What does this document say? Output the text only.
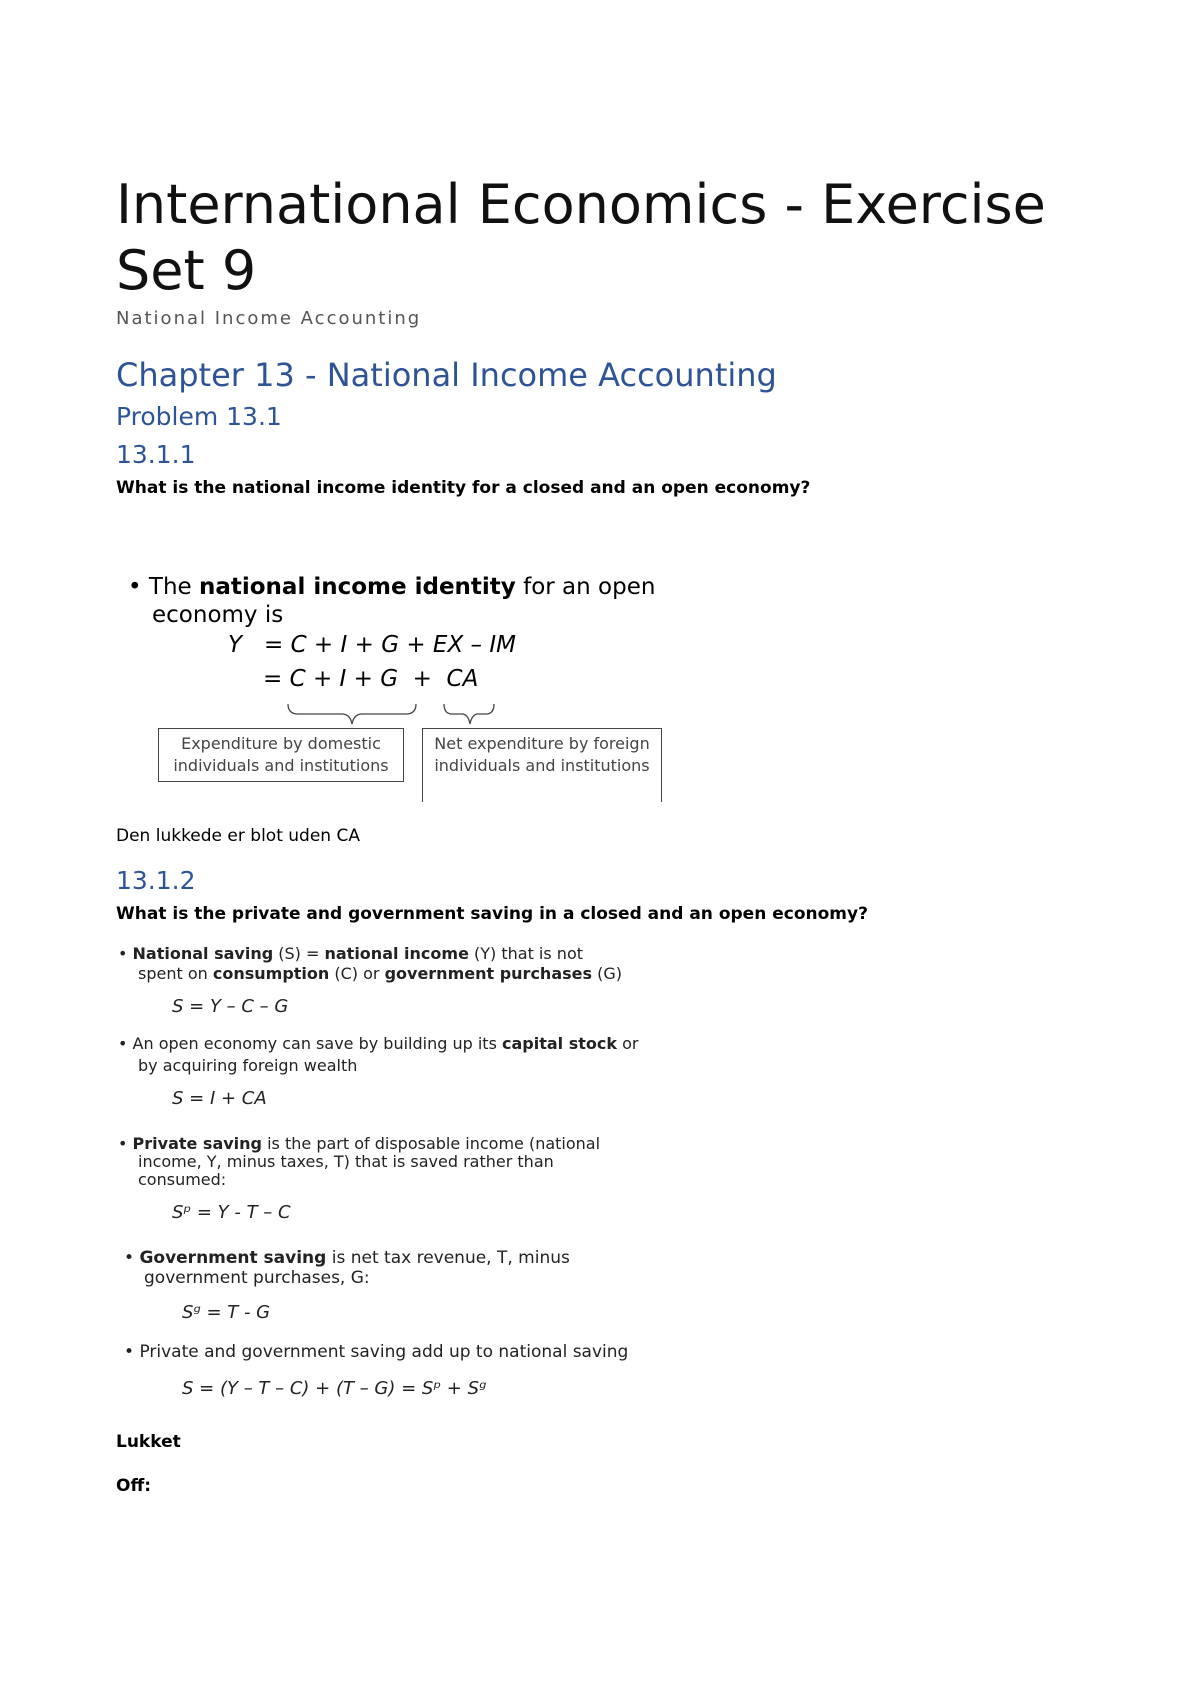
International Economics - Exercise Set 9
National Income Accounting
Chapter 13 - National Income Accounting
Problem 13.1
13.1.1
What is the national income identity for a closed and an open economy?
• The national income identity for an open
economy is
Y   = C + I + G + EX – IM
= C + I + G  +  CA
Expenditure by domestic
individuals and institutions
Net expenditure by foreign
individuals and institutions
Den lukkede er blot uden CA
13.1.2
What is the private and government saving in a closed and an open economy?
• National saving (S) = national income (Y) that is not
spent on consumption (C) or government purchases (G)
S = Y – C – G
• An open economy can save by building up its capital stock or
by acquiring foreign wealth
S = I + CA
• Private saving is the part of disposable income (national
income, Y, minus taxes, T) that is saved rather than
consumed:
Sᵖ = Y - T – C
• Government saving is net tax revenue, T, minus
government purchases, G:
Sᵍ = T - G
• Private and government saving add up to national saving
S = (Y – T – C) + (T – G) = Sᵖ + Sᵍ
Lukket
Off:
